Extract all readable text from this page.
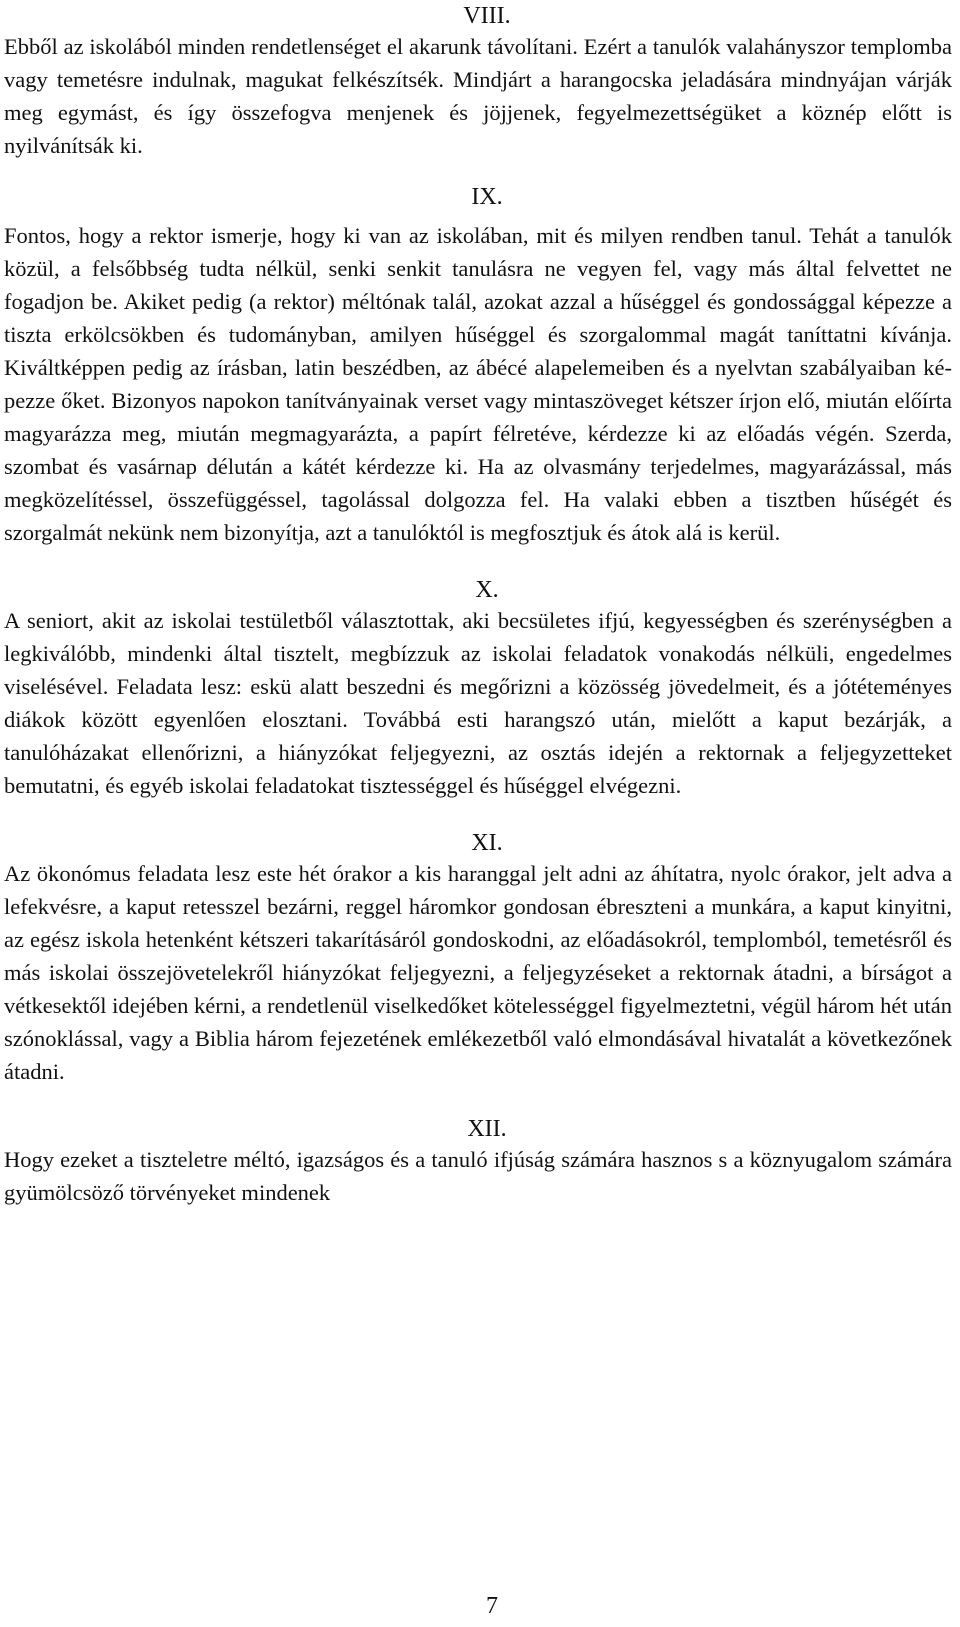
VIII.

Ebből az iskolából minden rendetlenséget el akarunk távolítani. Ezért a tanulók valahányszor templomba vagy temetésre indulnak, magukat felkészítsék. Mindjárt a harangocska jeladására mindnyájan várják meg egymást, és így összefogva menjenek és jöjjenek, fegyelmezettségüket a köznép előtt is nyilvánítsák ki.

IX.

Fontos, hogy a rektor ismerje, hogy ki van az iskolában, mit és milyen rendben tanul. Tehát a tanulók közül, a felsőbbség tudta nélkül, senki senkit tanulásra ne vegyen fel, vagy más által felvettet ne fogadjon be. Akiket pedig (a rektor) méltónak talál, azokat azzal a hűséggel és gondossággal képezze a tiszta erkölcsökben és tudományban, amilyen hűséggel és szorgalommal magát taníttatni kívánja. Kiváltképpen pedig az írásban, latin beszédben, az ábécé alapelemeiben és a nyelvtan szabályaiban képezze őket. Bizonyos napokon tanítványainak verset vagy mintaszöveget kétszer írjon elő, miután előírta magyarázza meg, miután megmagyarázta, a papírt félretéve, kérdezze ki az előadás végén. Szerda, szombat és vasárnap délután a kátét kérdezze ki. Ha az olvasmány terjedelmes, magyarázással, más megközelítéssel, összefüggéssel, tagolással dolgozza fel. Ha valaki ebben a tisztben hűségét és szorgalmát nekünk nem bizonyítja, azt a tanulóktól is megfosztjuk és átok alá is kerül.

X.

A seniort, akit az iskolai testületből választottak, aki becsületes ifjú, kegyességben és szerénységben a legkiválóbb, mindenki által tisztelt, megbízzuk az iskolai feladatok vonakodás nélküli, engedelmes viselésével. Feladata lesz: eskü alatt beszedni és megőrizni a közösség jövedelmeit, és a jótéteményes diákok között egyenlően elosztani. Továbbá esti harangszó után, mielőtt a kaput bezárják, a tanulóházakat ellenőrizni, a hiányzókat feljegyezni, az osztás idején a rektornak a feljegyzetteket bemutatni, és egyéb iskolai feladatokat tisztességgel és hűséggel elvégezni.

XI.

Az ökonómus feladata lesz este hét órakor a kis haranggal jelt adni az áhítatra, nyolc órakor, jelt adva a lefekvésre, a kaput retesszel bezárni, reggel háromkor gondosan ébreszteni a munkára, a kaput kinyitni, az egész iskola hetenként kétszeri takarításáról gondoskodni, az előadásokról, templomból, temetésről és más iskolai összejövetelekről hiányzókat feljegyezni, a feljegyzéseket a rektornak átadni, a bírságot a vétkesektől idejében kérni, a rendetlenül viselkedőket kötelességgel figyelmeztetni, végül három hét után szónoklással, vagy a Biblia három fejezetének emlékezetből való elmondásával hivatalát a következőnek átadni.

XII.

Hogy ezeket a tiszteletre méltó, igazságos és a tanuló ifjúság számára hasznos s a köznyugalom számára gyümölcsöző törvényeket mindenek

7
